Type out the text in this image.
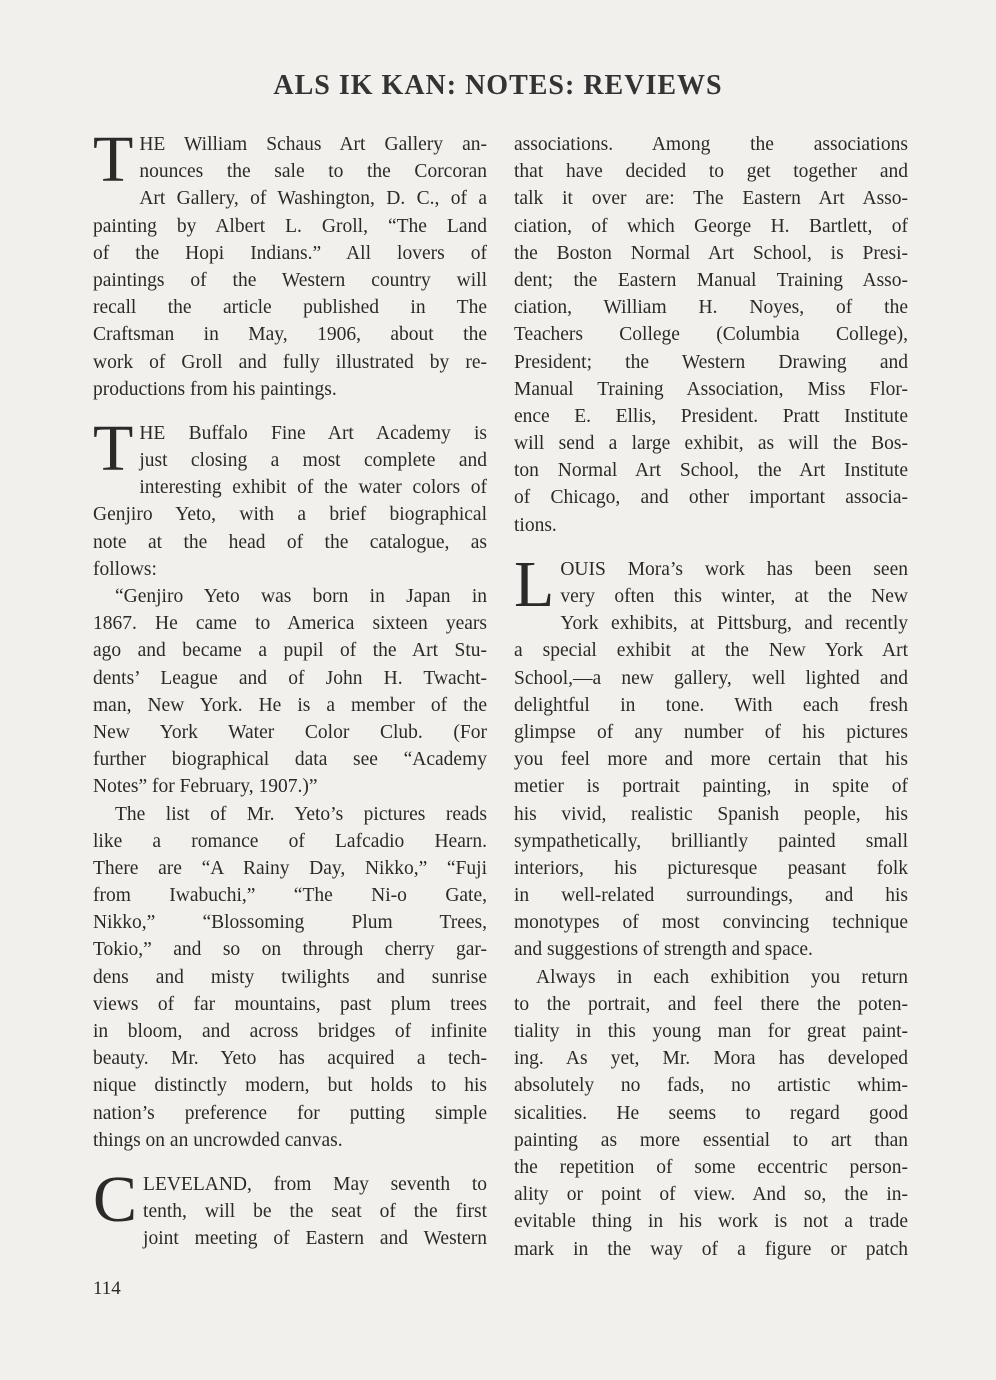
ALS IK KAN: NOTES: REVIEWS
T HE William Schaus Art Gallery an-
nounces the sale to the Corcoran
Art Gallery, of Washington, D. C., of a
painting by Albert L. Groll, “The Land
of the Hopi Indians.” All lovers of
paintings of the Western country will
recall the article published in The
Craftsman in May, 1906, about the
work of Groll and fully illustrated by re-
productions from his paintings.
T HE Buffalo Fine Art Academy is
just closing a most complete and
interesting exhibit of the water colors of
Genjiro Yeto, with a brief biographical
note at the head of the catalogue, as
follows:
“Genjiro Yeto was born in Japan in
1867. He came to America sixteen years
ago and became a pupil of the Art Stu-
dents’ League and of John H. Twacht-
man, New York. He is a member of the
New York Water Color Club. (For
further biographical data see “Academy
Notes” for February, 1907.)”
The list of Mr. Yeto’s pictures reads
like a romance of Lafcadio Hearn.
There are “A Rainy Day, Nikko,” “Fuji
from Iwabuchi,” “The Ni-o Gate,
Nikko,” “Blossoming Plum Trees,
Tokio,” and so on through cherry gar-
dens and misty twilights and sunrise
views of far mountains, past plum trees
in bloom, and across bridges of infinite
beauty. Mr. Yeto has acquired a tech-
nique distinctly modern, but holds to his
nation’s preference for putting simple
things on an uncrowded canvas.
C LEVELAND, from May seventh to
tenth, will be the seat of the first
joint meeting of Eastern and Western
associations. Among the associations
that have decided to get together and
talk it over are: The Eastern Art Asso-
ciation, of which George H. Bartlett, of
the Boston Normal Art School, is Presi-
dent; the Eastern Manual Training Asso-
ciation, William H. Noyes, of the
Teachers College (Columbia College),
President; the Western Drawing and
Manual Training Association, Miss Flor-
ence E. Ellis, President. Pratt Institute
will send a large exhibit, as will the Bos-
ton Normal Art School, the Art Institute
of Chicago, and other important associa-
tions.
L OUIS Mora’s work has been seen
very often this winter, at the New
York exhibits, at Pittsburg, and recently
a special exhibit at the New York Art
School,—a new gallery, well lighted and
delightful in tone. With each fresh
glimpse of any number of his pictures
you feel more and more certain that his
metier is portrait painting, in spite of
his vivid, realistic Spanish people, his
sympathetically, brilliantly painted small
interiors, his picturesque peasant folk
in well-related surroundings, and his
monotypes of most convincing technique
and suggestions of strength and space.
Always in each exhibition you return
to the portrait, and feel there the poten-
tiality in this young man for great paint-
ing. As yet, Mr. Mora has developed
absolutely no fads, no artistic whim-
sicalities. He seems to regard good
painting as more essential to art than
the repetition of some eccentric person-
ality or point of view. And so, the in-
evitable thing in his work is not a trade
mark in the way of a figure or patch
114
